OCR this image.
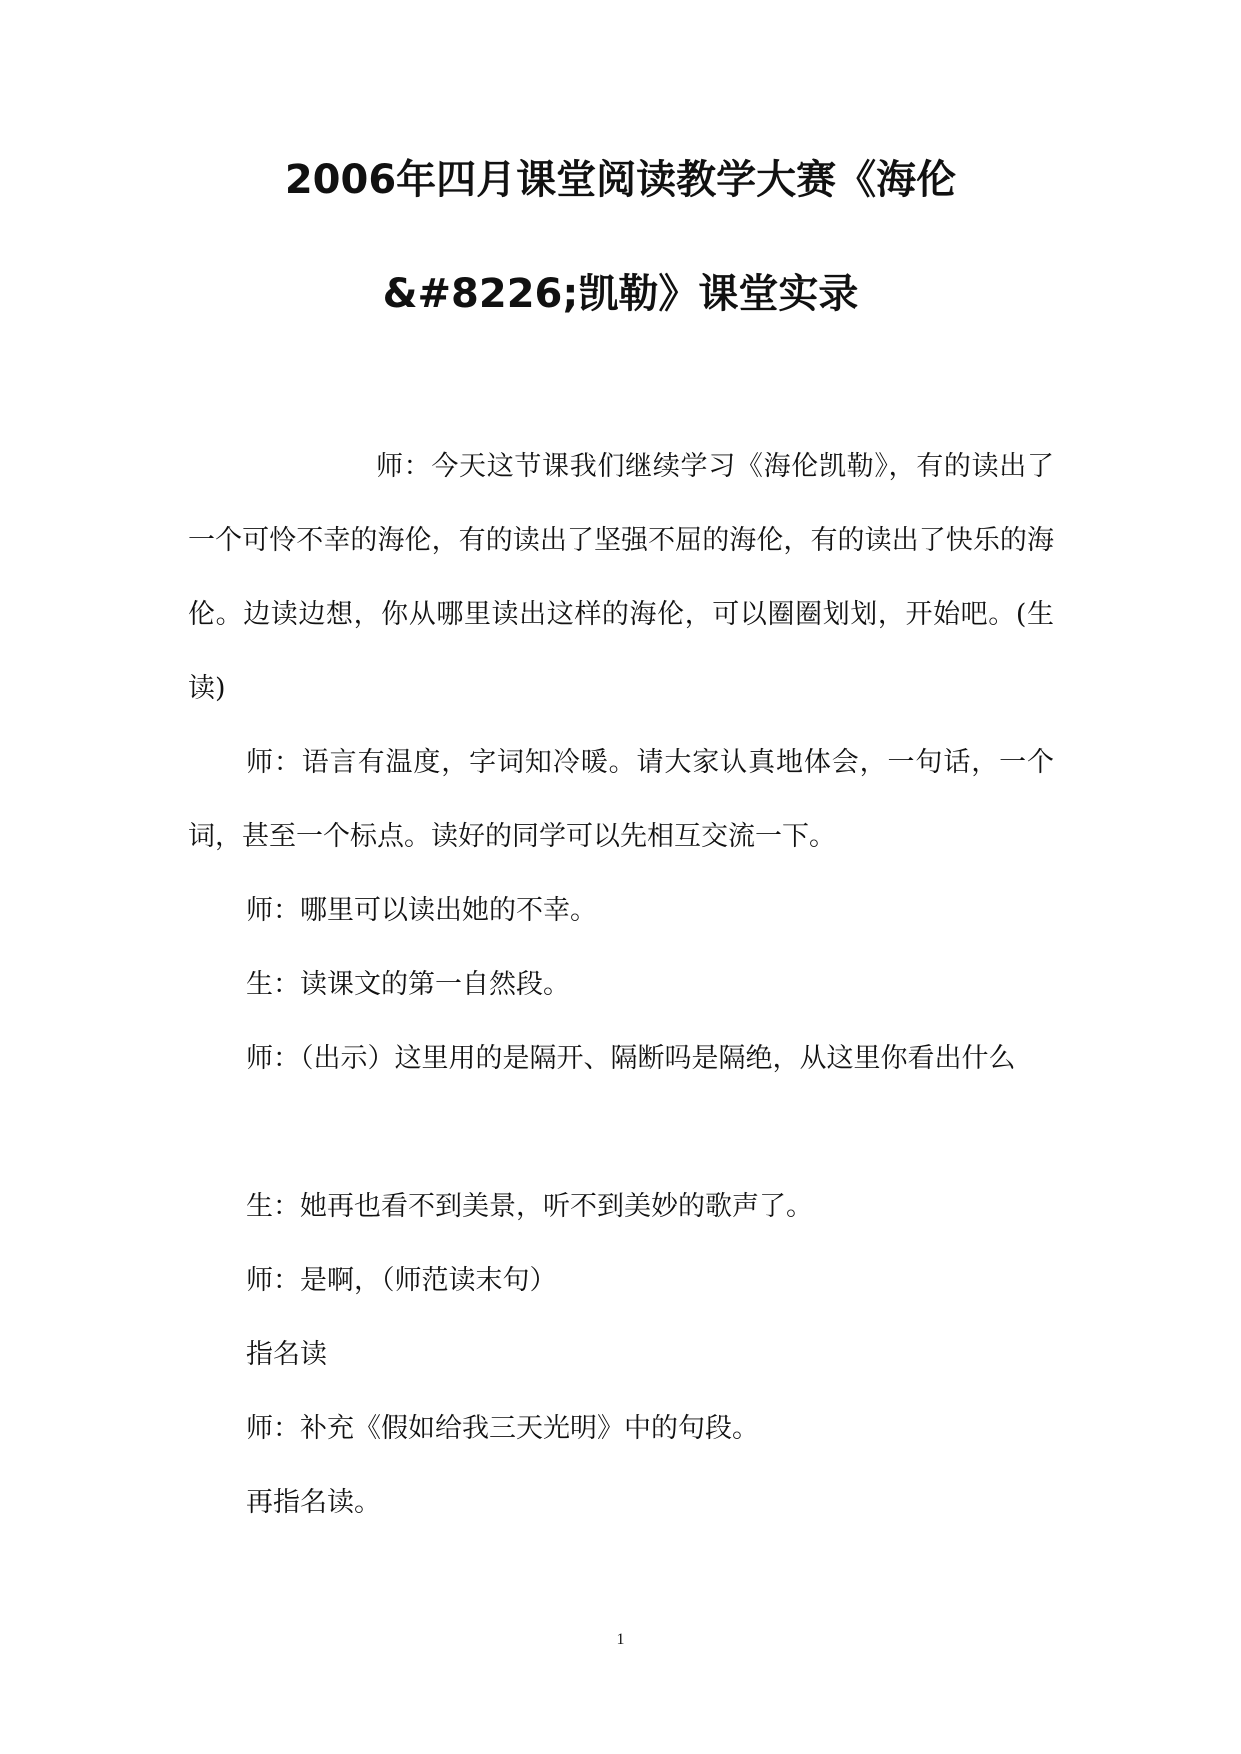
2006年四月课堂阅读教学大赛《海伦
&#8226;凯勒》课堂实录

师：今天这节课我们继续学习《海伦凯勒》，有的读出了一个可怜不幸的海伦，有的读出了坚强不屈的海伦，有的读出了快乐的海伦。边读边想，你从哪里读出这样的海伦，可以圈圈划划，开始吧。(生读)

师：语言有温度，字词知冷暖。请大家认真地体会，一句话，一个词，甚至一个标点。读好的同学可以先相互交流一下。

师：哪里可以读出她的不幸。

生：读课文的第一自然段。

师：（出示）这里用的是隔开、隔断吗是隔绝，从这里你看出什么

生：她再也看不到美景，听不到美妙的歌声了。

师：是啊，（师范读末句）

指名读

师：补充《假如给我三天光明》中的句段。

再指名读。

1
